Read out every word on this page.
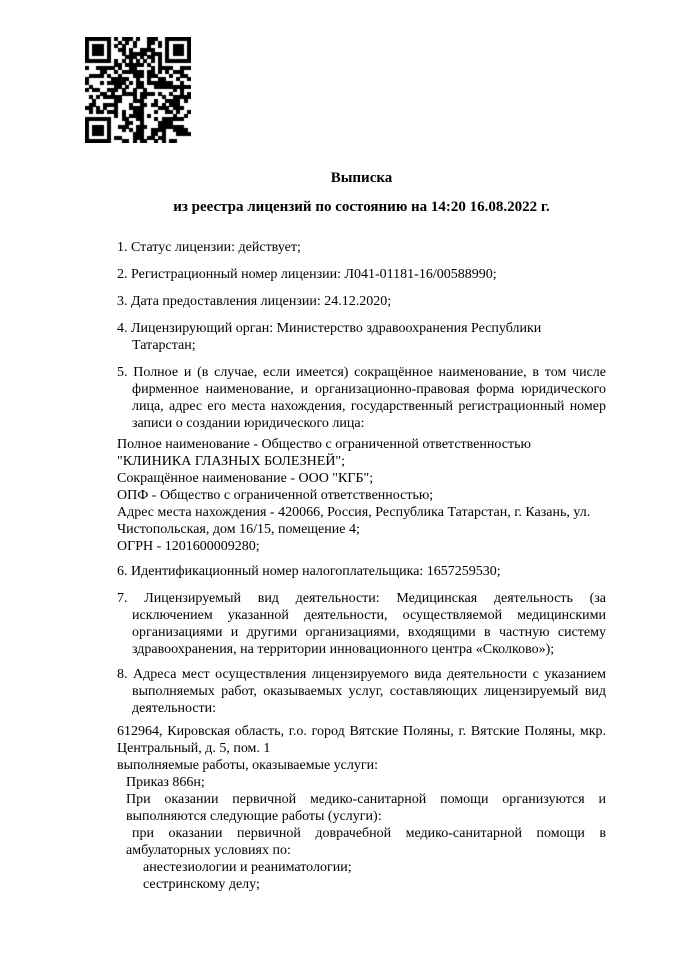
Выписка
из реестра лицензий по состоянию на 14:20 16.08.2022 г.
1. Статус лицензии: действует;
2. Регистрационный номер лицензии: Л041-01181-16/00588990;
3. Дата предоставления лицензии: 24.12.2020;
4. Лицензирующий орган: Министерство здравоохранения Республики Татарстан;
5. Полное и (в случае, если имеется) сокращённое наименование, в том числе фирменное наименование, и организационно-правовая форма юридического лица, адрес его места нахождения, государственный регистрационный номер записи о создании юридического лица:
Полное наименование - Общество с ограниченной ответственностью "КЛИНИКА ГЛАЗНЫХ БОЛЕЗНЕЙ";
Сокращённое наименование - ООО "КГБ";
ОПФ - Общество с ограниченной ответственностью;
Адрес места нахождения - 420066, Россия, Республика Татарстан, г. Казань, ул. Чистопольская, дом 16/15, помещение 4;
ОГРН - 1201600009280;
6. Идентификационный номер налогоплательщика: 1657259530;
7. Лицензируемый вид деятельности: Медицинская деятельность (за исключением указанной деятельности, осуществляемой медицинскими организациями и другими организациями, входящими в частную систему здравоохранения, на территории инновационного центра «Сколково»);
8. Адреса мест осуществления лицензируемого вида деятельности с указанием выполняемых работ, оказываемых услуг, составляющих лицензируемый вид деятельности:

612964, Кировская область, г.о. город Вятские Поляны, г. Вятские Поляны, мкр. Центральный, д. 5, пом. 1

выполняемые работы, оказываемые услуги:

Приказ 866н;

При оказании первичной медико-санитарной помощи организуются и выполняются следующие работы (услуги):

при оказании первичной доврачебной медико-санитарной помощи в амбулаторных условиях по:

анестезиологии и реаниматологии;

сестринскому делу;
